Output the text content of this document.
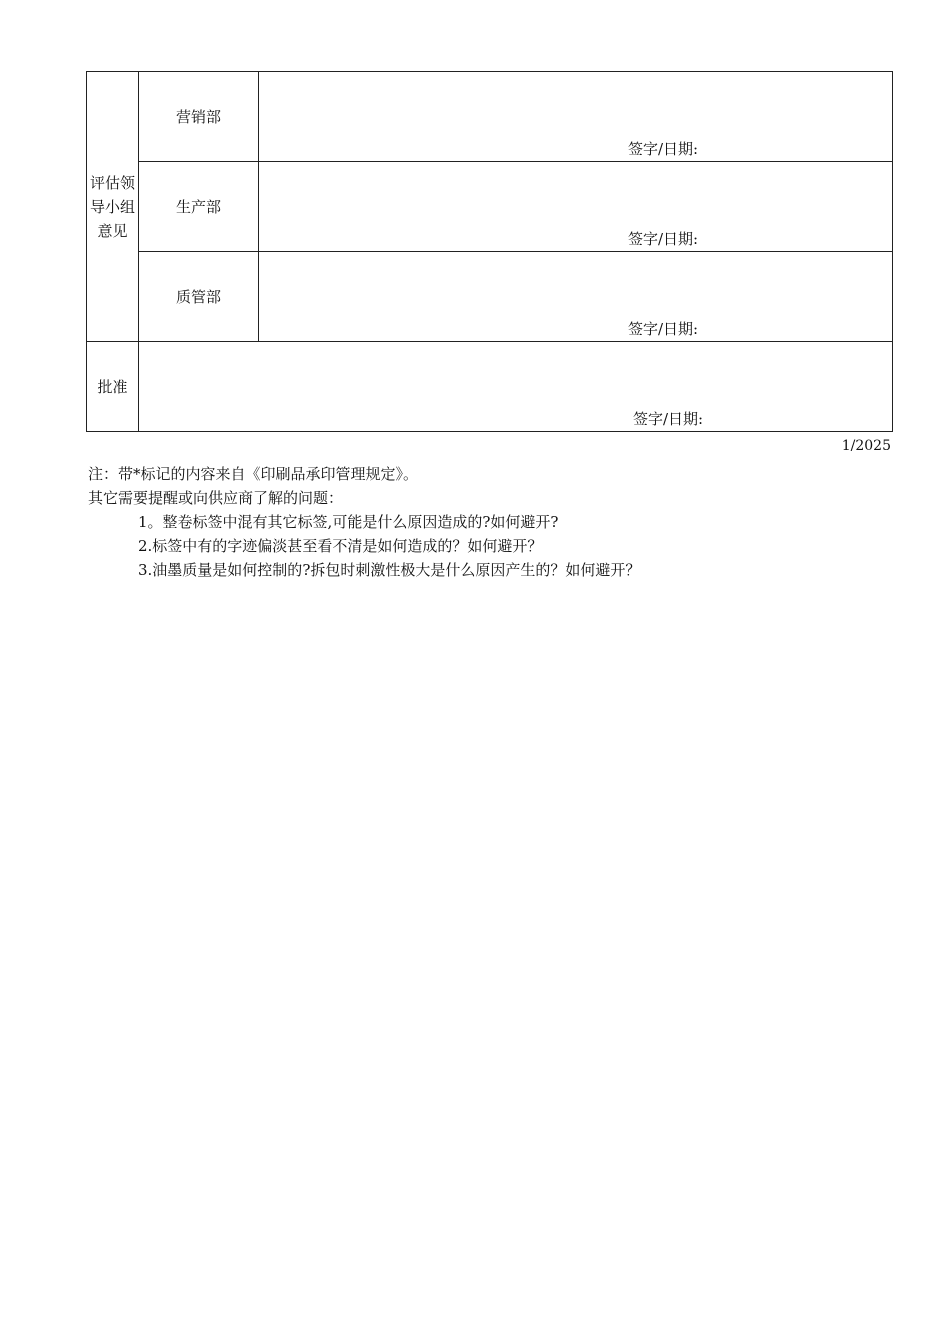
评估领
导小组
意见	营销部	签字/日期:

	生产部	签字/日期:

	质管部	签字/日期:

批准	签字/日期:	
1/2025
注：带*标记的内容来自《印刷品承印管理规定》。
其它需要提醒或向供应商了解的问题：
1。整卷标签中混有其它标签,可能是什么原因造成的?如何避开?
2.标签中有的字迹偏淡甚至看不清是如何造成的？如何避开？
3.油墨质量是如何控制的?拆包时刺激性极大是什么原因产生的？如何避开？
